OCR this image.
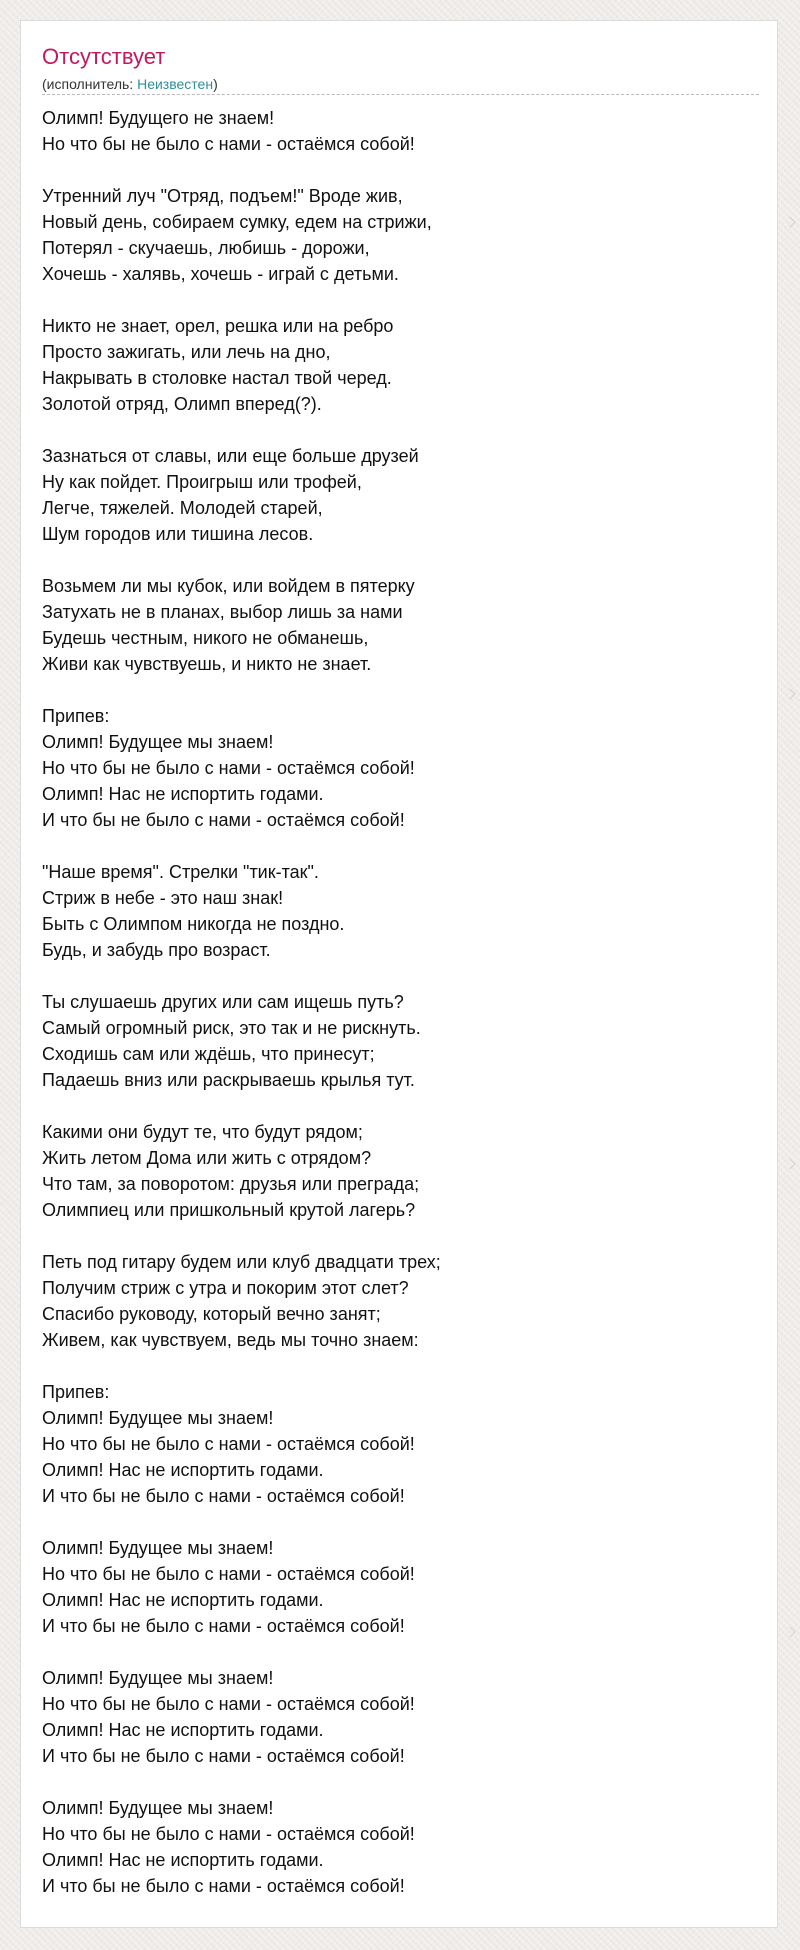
Отсутствует
(исполнитель: Неизвестен)
Олимп! Будущего не знаем!
Но что бы не было с нами - остаёмся собой!
Утренний луч "Отряд, подъем!" Вроде жив,
Новый день, собираем сумку, едем на стрижи,
Потерял - скучаешь, любишь - дорожи,
Хочешь - халявь, хочешь - играй с детьми.
Никто не знает, орел, решка или на ребро
Просто зажигать, или лечь на дно,
Накрывать в столовке настал твой черед.
Золотой отряд, Олимп вперед(?).
Зазнаться от славы, или еще больше друзей
Ну как пойдет. Проигрыш или трофей,
Легче, тяжелей. Молодей старей,
Шум городов или тишина лесов.
Возьмем ли мы кубок, или войдем в пятерку
Затухать не в планах, выбор лишь за нами
Будешь честным, никого не обманешь,
Живи как чувствуешь, и никто не знает.
Припев:
Олимп! Будущее мы знаем!
Но что бы не было с нами - остаёмся собой!
Олимп! Нас не испортить годами.
И что бы не было с нами - остаёмся собой!
"Наше время". Стрелки "тик-так".
Стриж в небе - это наш знак!
Быть с Олимпом никогда не поздно.
Будь, и забудь про возраст.
Ты слушаешь других или сам ищешь путь?
Самый огромный риск, это так и не рискнуть.
Сходишь сам или ждёшь, что принесут;
Падаешь вниз или раскрываешь крылья тут.
Какими они будут те, что будут рядом;
Жить летом Дома или жить с отрядом?
Что там, за поворотом: друзья или преграда;
Олимпиец или пришкольный крутой лагерь?
Петь под гитару будем или клуб двадцати трех;
Получим стриж с утра и покорим этот слет?
Спасибо руководу, который вечно занят;
Живем, как чувствуем, ведь мы точно знаем:
Припев:
Олимп! Будущее мы знаем!
Но что бы не было с нами - остаёмся собой!
Олимп! Нас не испортить годами.
И что бы не было с нами - остаёмся собой!
Олимп! Будущее мы знаем!
Но что бы не было с нами - остаёмся собой!
Олимп! Нас не испортить годами.
И что бы не было с нами - остаёмся собой!
Олимп! Будущее мы знаем!
Но что бы не было с нами - остаёмся собой!
Олимп! Нас не испортить годами.
И что бы не было с нами - остаёмся собой!
Олимп! Будущее мы знаем!
Но что бы не было с нами - остаёмся собой!
Олимп! Нас не испортить годами.
И что бы не было с нами - остаёмся собой!
